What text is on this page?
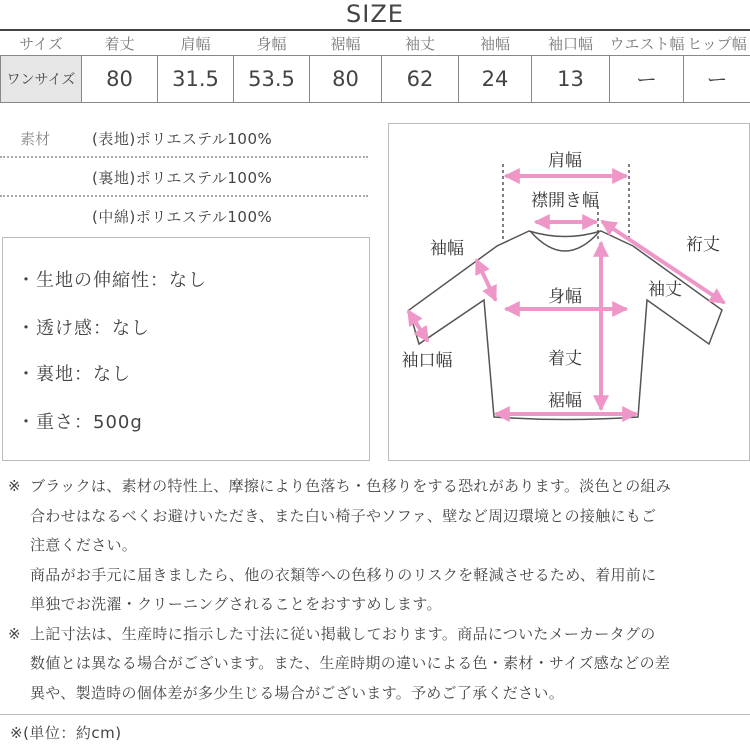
SIZE
サイズ	着丈	肩幅	身幅	裾幅	袖丈	袖幅	袖口幅	ウエスト幅	ヒップ幅
ワンサイズ	80	31.5	53.5	80	62	24	13	ー	ー
素材	(表地)ポリエステル100%
(裏地)ポリエステル100%
(中綿)ポリエステル100%
・生地の伸縮性：なし
・透け感：なし
・裏地：なし
・重さ：500g
肩幅
襟開き幅
裄丈
袖幅
袖丈
身幅
袖口幅	着丈
裾幅
※ ブラックは、素材の特性上、摩擦により色落ち・色移りをする恐れがあります。淡色との組み
合わせはなるべくお避けいただき、また白い椅子やソファ、壁など周辺環境との接触にもご
注意ください。
商品がお手元に届きましたら、他の衣類等への色移りのリスクを軽減させるため、着用前に
単独でお洗濯・クリーニングされることをおすすめします。
※ 上記寸法は、生産時に指示した寸法に従い掲載しております。商品についたメーカータグの
数値とは異なる場合がございます。また、生産時期の違いによる色・素材・サイズ感などの差
異や、製造時の個体差が多少生じる場合がございます。予めご了承ください。
※(単位：約cm)
